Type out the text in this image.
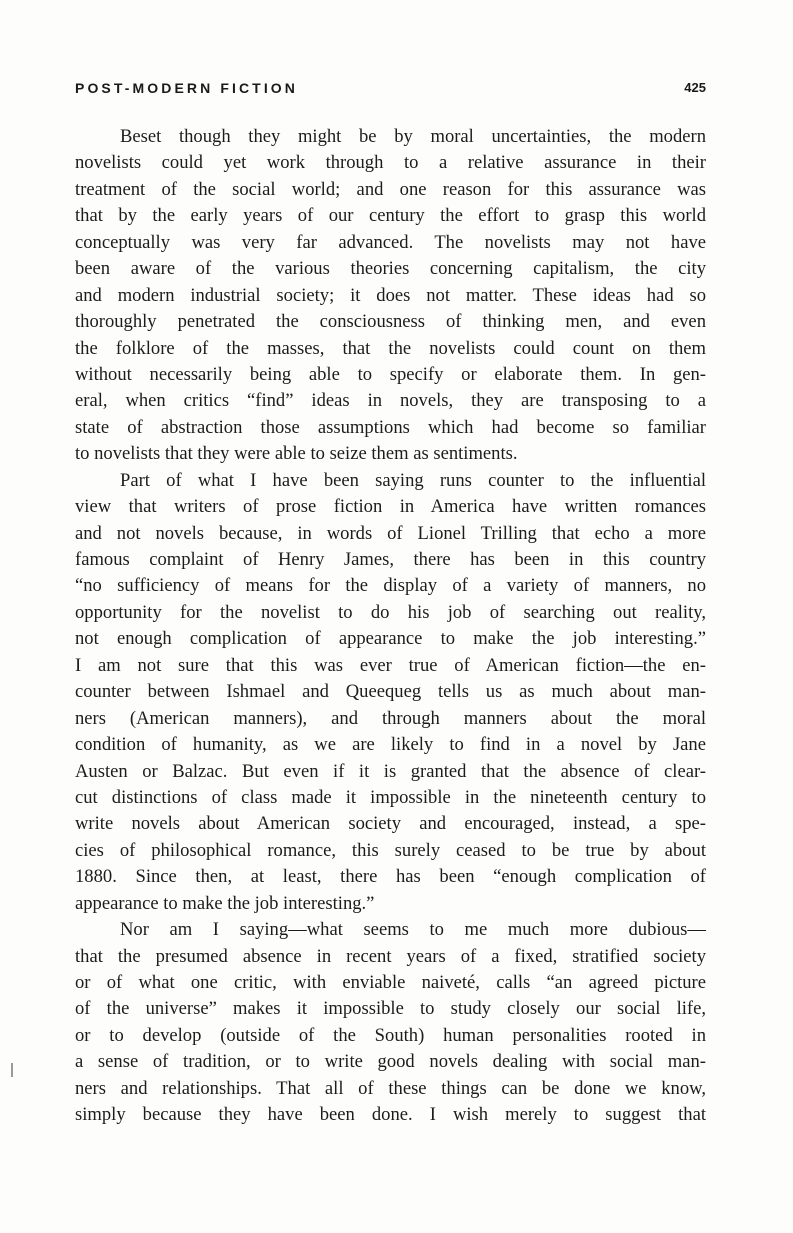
POST-MODERN FICTION	425
Beset though they might be by moral uncertainties, the modern
novelists could yet work through to a relative assurance in their
treatment of the social world; and one reason for this assurance was
that by the early years of our century the effort to grasp this world
conceptually was very far advanced. The novelists may not have
been aware of the various theories concerning capitalism, the city
and modern industrial society; it does not matter. These ideas had so
thoroughly penetrated the consciousness of thinking men, and even
the folklore of the masses, that the novelists could count on them
without necessarily being able to specify or elaborate them. In gen-
eral, when critics “find” ideas in novels, they are transposing to a
state of abstraction those assumptions which had become so familiar
to novelists that they were able to seize them as sentiments.
Part of what I have been saying runs counter to the influential
view that writers of prose fiction in America have written romances
and not novels because, in words of Lionel Trilling that echo a more
famous complaint of Henry James, there has been in this country
“no sufficiency of means for the display of a variety of manners, no
opportunity for the novelist to do his job of searching out reality,
not enough complication of appearance to make the job interesting.”
I am not sure that this was ever true of American fiction—the en-
counter between Ishmael and Queequeg tells us as much about man-
ners (American manners), and through manners about the moral
condition of humanity, as we are likely to find in a novel by Jane
Austen or Balzac. But even if it is granted that the absence of clear-
cut distinctions of class made it impossible in the nineteenth century to
write novels about American society and encouraged, instead, a spe-
cies of philosophical romance, this surely ceased to be true by about
1880. Since then, at least, there has been “enough complication of
appearance to make the job interesting.”
Nor am I saying—what seems to me much more dubious—
that the presumed absence in recent years of a fixed, stratified society
or of what one critic, with enviable naiveté, calls “an agreed picture
of the universe” makes it impossible to study closely our social life,
or to develop (outside of the South) human personalities rooted in
a sense of tradition, or to write good novels dealing with social man-
ners and relationships. That all of these things can be done we know,
simply because they have been done. I wish merely to suggest that
